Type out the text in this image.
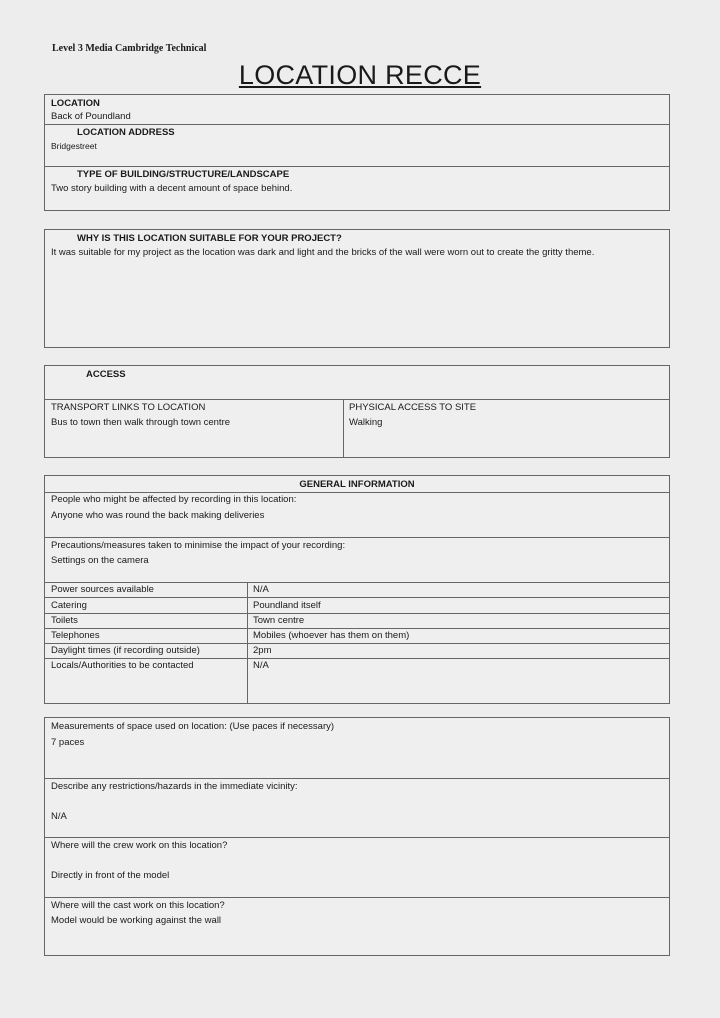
Level 3 Media Cambridge Technical
LOCATION RECCE
LOCATION
Back of Poundland
LOCATION ADDRESS
Bridgestreet
TYPE OF BUILDING/STRUCTURE/LANDSCAPE
Two story building with a decent amount of space behind.
WHY IS THIS LOCATION SUITABLE FOR YOUR PROJECT?
It was suitable for my project as the location was dark and light and the bricks of the wall were worn out to create the gritty theme.
ACCESS
TRANSPORT LINKS TO LOCATION
Bus to town then walk through town centre
PHYSICAL ACCESS TO SITE
Walking
GENERAL INFORMATION
People who might be affected by recording in this location:
Anyone who was round the back making deliveries
Precautions/measures taken to minimise the impact of your recording:
Settings on the camera
Power sources available	N/A
Catering	Poundland itself
Toilets	Town centre
Telephones	Mobiles (whoever has them on them)
Daylight times (if recording outside)	2pm
Locals/Authorities to be contacted	N/A
Measurements of space used on location: (Use paces if necessary)
7 paces
Describe any restrictions/hazards in the immediate vicinity:
N/A
Where will the crew work on this location?
Directly in front of the model
Where will the cast work on this location?
Model would be working against the wall
